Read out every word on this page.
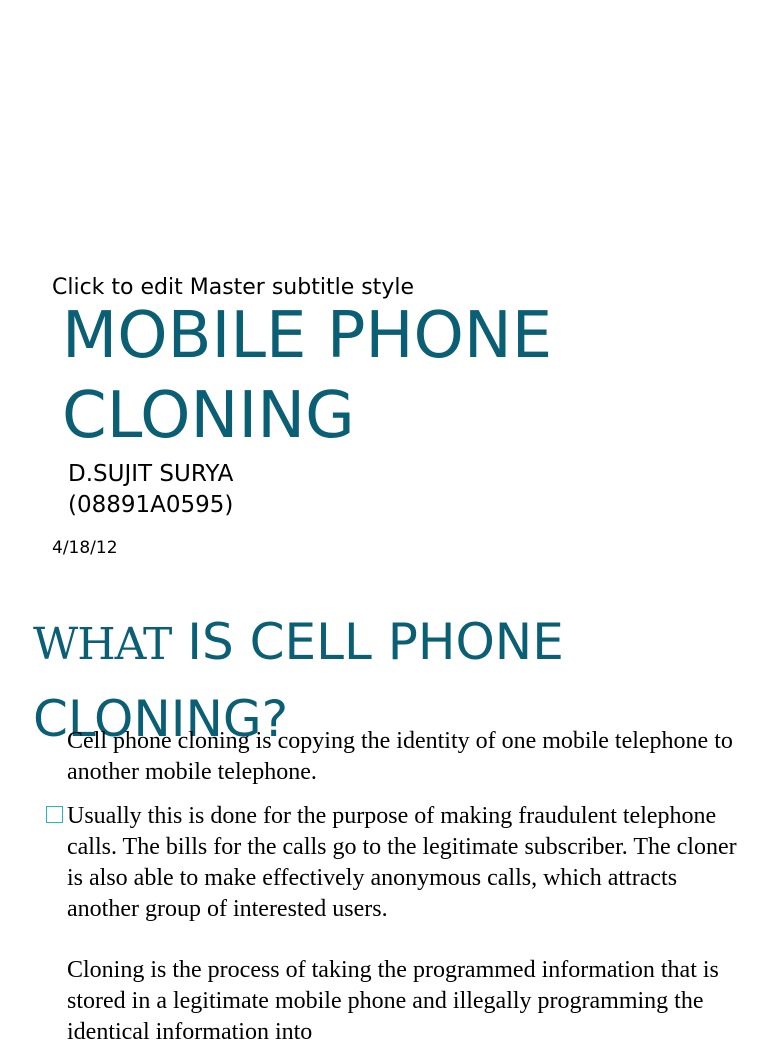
Click to edit Master subtitle style
MOBILE PHONE
CLONING
D.SUJIT SURYA
(08891A0595)
4/18/12
WHAT IS CELL PHONE
CLONING?
Cell phone cloning is copying the identity of one mobile telephone to another mobile telephone.
Usually this is done for the purpose of making fraudulent telephone calls. The bills for the calls go to the legitimate subscriber. The cloner is also able to make effectively anonymous calls, which attracts another group of interested users.
Cloning is the process of taking the programmed information that is stored in a legitimate mobile phone and illegally programming the identical information into
